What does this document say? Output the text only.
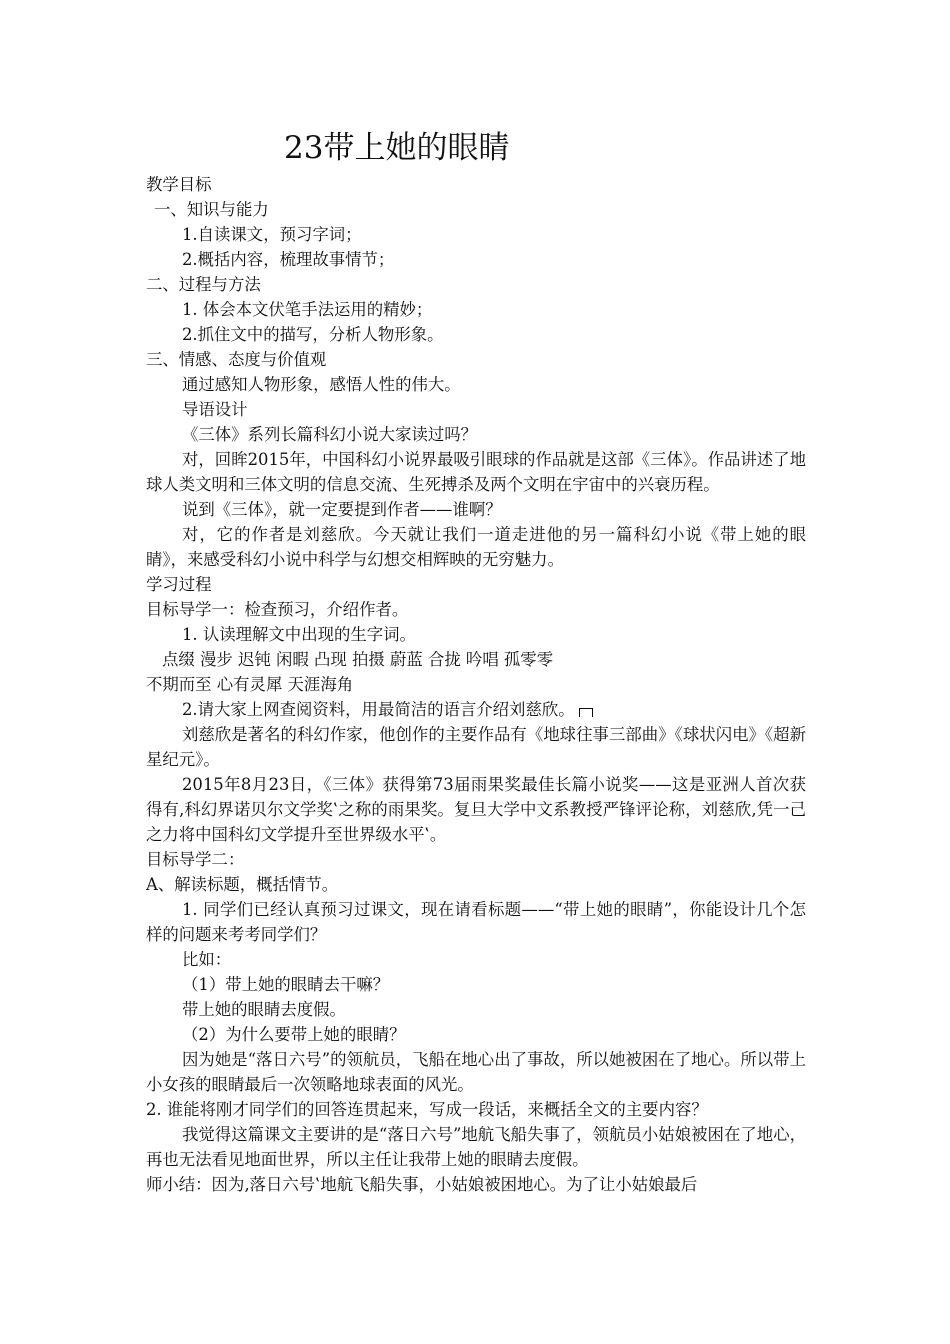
23带上她的眼睛
教学目标
一、知识与能力
1.自读课文，预习字词；
2.概括内容，梳理故事情节；
二、过程与方法
1. 体会本文伏笔手法运用的精妙；
2.抓住文中的描写，分析人物形象。
三、情感、态度与价值观
通过感知人物形象，感悟人性的伟大。
导语设计
《三体》系列长篇科幻小说大家读过吗？
对，回眸2015年，中国科幻小说界最吸引眼球的作品就是这部《三体》。作品讲述了地球人类文明和三体文明的信息交流、生死搏杀及两个文明在宇宙中的兴衰历程。
说到《三体》，就一定要提到作者——谁啊？
对，它的作者是刘慈欣。今天就让我们一道走进他的另一篇科幻小说《带上她的眼睛》，来感受科幻小说中科学与幻想交相辉映的无穷魅力。
学习过程
目标导学一：检查预习，介绍作者。
1. 认读理解文中出现的生字词。
点缀 漫步 迟钝 闲暇 凸现 拍摄 蔚蓝 合拢 吟唱 孤零零
不期而至 心有灵犀 天涯海角
2.请大家上网查阅资料，用最简洁的语言介绍刘慈欣。
刘慈欣是著名的科幻作家，他创作的主要作品有《地球往事三部曲》《球状闪电》《超新星纪元》。
2015年8月23日，《三体》获得第73届雨果奖最佳长篇小说奖——这是亚洲人首次获得有‚科幻界诺贝尔文学奖‛之称的雨果奖。复旦大学中文系教授严锋评论称，刘慈欣‚凭一己之力将中国科幻文学提升至世界级水平‛。
目标导学二：
A、解读标题，概括情节。
1. 同学们已经认真预习过课文，现在请看标题——“带上她的眼睛”，你能设计几个怎样的问题来考考同学们？
比如：
（1）带上她的眼睛去干嘛？
带上她的眼睛去度假。
（2）为什么要带上她的眼睛？
因为她是“落日六号”的领航员，飞船在地心出了事故，所以她被困在了地心。所以带上小女孩的眼睛最后一次领略地球表面的风光。
2. 谁能将刚才同学们的回答连贯起来，写成一段话，来概括全文的主要内容？
我觉得这篇课文主要讲的是“落日六号”地航飞船失事了，领航员小姑娘被困在了地心，再也无法看见地面世界，所以主任让我带上她的眼睛去度假。
师小结：因为‚落日六号‛地航飞船失事，小姑娘被困地心。为了让小姑娘最后
